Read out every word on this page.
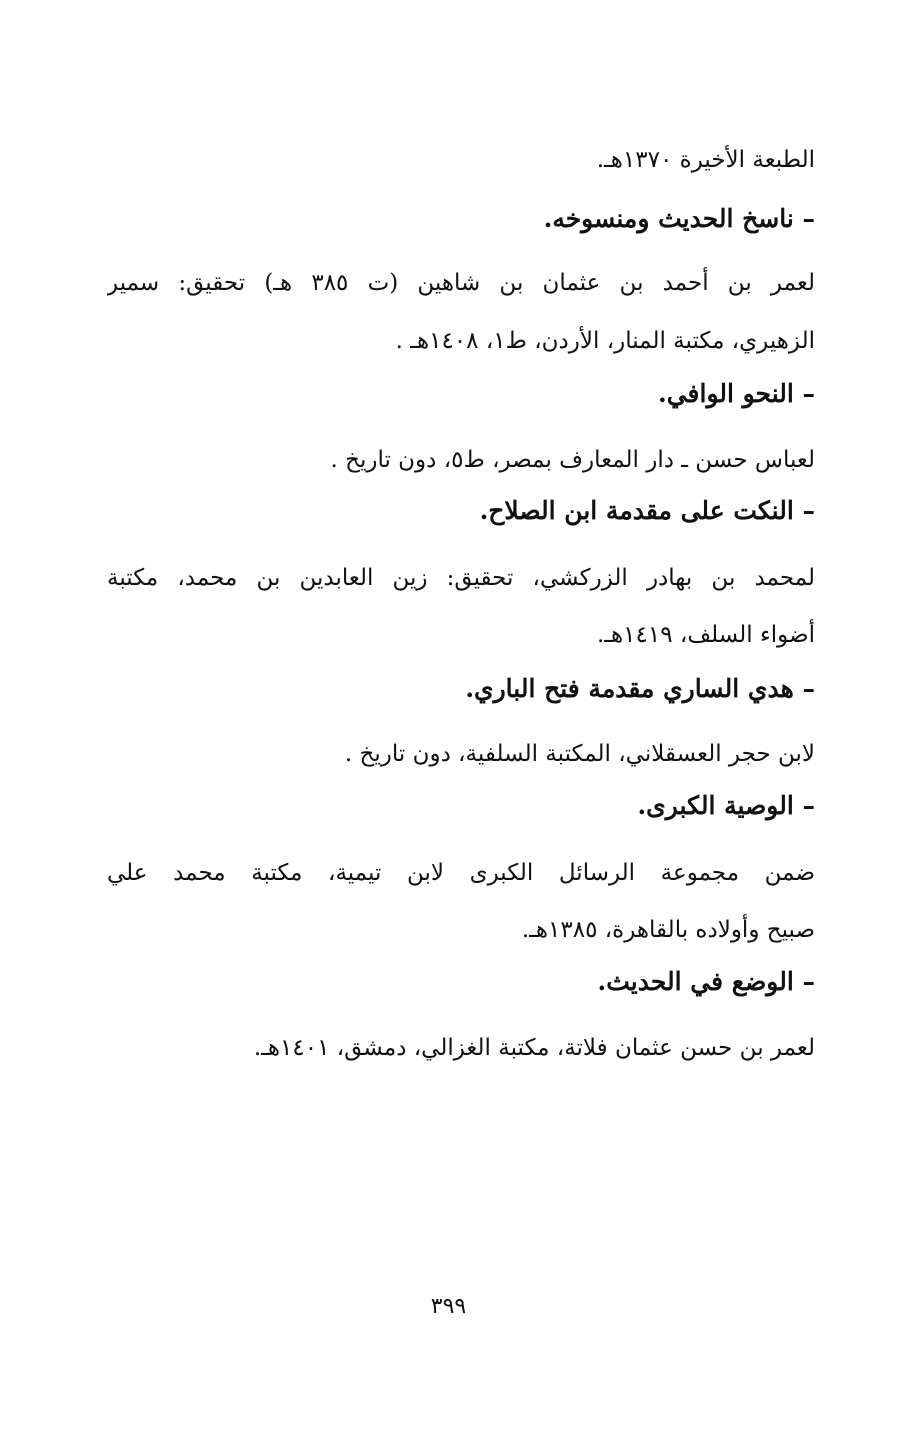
الطبعة الأخيرة ١٣٧٠هـ.
– ناسخ الحديث ومنسوخه.
لعمر بن أحمد بن عثمان بن شاهين (ت ٣٨٥ هـ) تحقيق: سمير
الزهيري، مكتبة المنار، الأردن، ط١، ١٤٠٨هـ .
– النحو الوافي.
لعباس حسن ـ دار المعارف بمصر، ط٥، دون تاريخ .
– النكت على مقدمة ابن الصلاح.
لمحمد بن بهادر الزركشي، تحقيق: زين العابدين بن محمد، مكتبة
أضواء السلف، ١٤١٩هـ.
– هدي الساري مقدمة فتح الباري.
لابن حجر العسقلاني، المكتبة السلفية، دون تاريخ .
– الوصية الكبرى.
ضمن مجموعة الرسائل الكبرى لابن تيمية، مكتبة محمد علي
صبيح وأولاده بالقاهرة، ١٣٨٥هـ.
– الوضع في الحديث.
لعمر بن حسن عثمان فلاتة، مكتبة الغزالي، دمشق، ١٤٠١هـ.
٣٩٩
